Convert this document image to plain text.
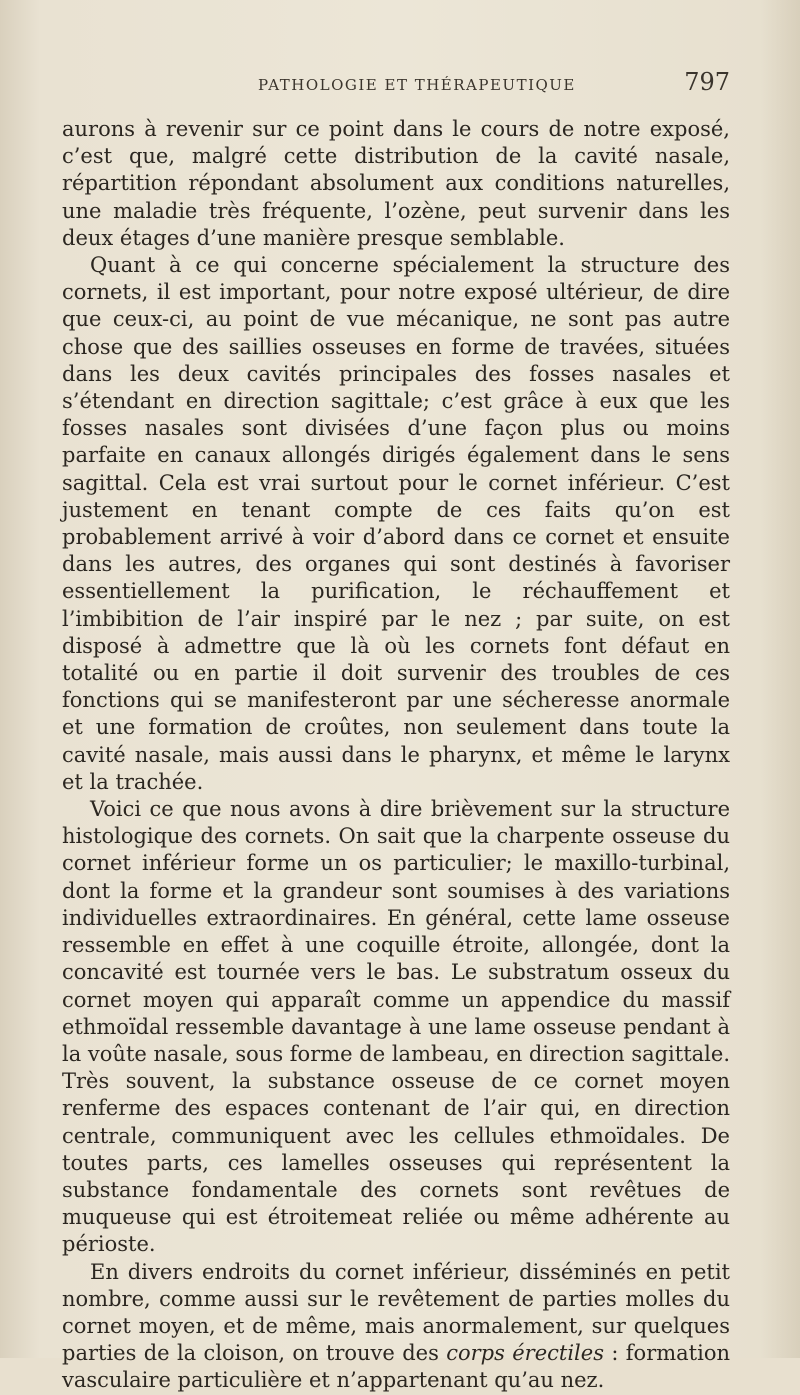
PATHOLOGIE ET THÉRAPEUTIQUE	797

aurons à revenir sur ce point dans le cours de notre exposé, c’est que, malgré cette distribution de la cavité nasale, répartition répondant absolument aux conditions naturelles, une maladie très fréquente, l’ozène, peut survenir dans les deux étages d’une manière presque semblable.

Quant à ce qui concerne spécialement la structure des cornets, il est important, pour notre exposé ultérieur, de dire que ceux-ci, au point de vue mécanique, ne sont pas autre chose que des saillies osseuses en forme de travées, situées dans les deux cavités principales des fosses nasales et s’étendant en direction sagittale; c’est grâce à eux que les fosses nasales sont divisées d’une façon plus ou moins parfaite en canaux allongés dirigés également dans le sens sagittal. Cela est vrai surtout pour le cornet inférieur. C’est justement en tenant compte de ces faits qu’on est probablement arrivé à voir d’abord dans ce cornet et ensuite dans les autres, des organes qui sont destinés à favoriser essentiellement la purification, le réchauffement et l’imbibition de l’air inspiré par le nez ; par suite, on est disposé à admettre que là où les cornets font défaut en totalité ou en partie il doit survenir des troubles de ces fonctions qui se manifesteront par une sécheresse anormale et une formation de croûtes, non seulement dans toute la cavité nasale, mais aussi dans le pharynx, et même le larynx et la trachée.

Voici ce que nous avons à dire brièvement sur la structure histologique des cornets. On sait que la charpente osseuse du cornet inférieur forme un os particulier; le maxillo-turbinal, dont la forme et la grandeur sont soumises à des variations individuelles extraordinaires. En général, cette lame osseuse ressemble en effet à une coquille étroite, allongée, dont la concavité est tournée vers le bas. Le substratum osseux du cornet moyen qui apparaît comme un appendice du massif ethmoïdal ressemble davantage à une lame osseuse pendant à la voûte nasale, sous forme de lambeau, en direction sagittale. Très souvent, la substance osseuse de ce cornet moyen renferme des espaces contenant de l’air qui, en direction centrale, communiquent avec les cellules ethmoïdales. De toutes parts, ces lamelles osseuses qui représentent la substance fondamentale des cornets sont revêtues de muqueuse qui est étroitemeat reliée ou même adhérente au périoste.

En divers endroits du cornet inférieur, disséminés en petit nombre, comme aussi sur le revêtement de parties molles du cornet moyen, et de même, mais anormalement, sur quelques parties de la cloison, on trouve des corps érectiles : formation vasculaire particulière et n’appartenant qu’au nez.
